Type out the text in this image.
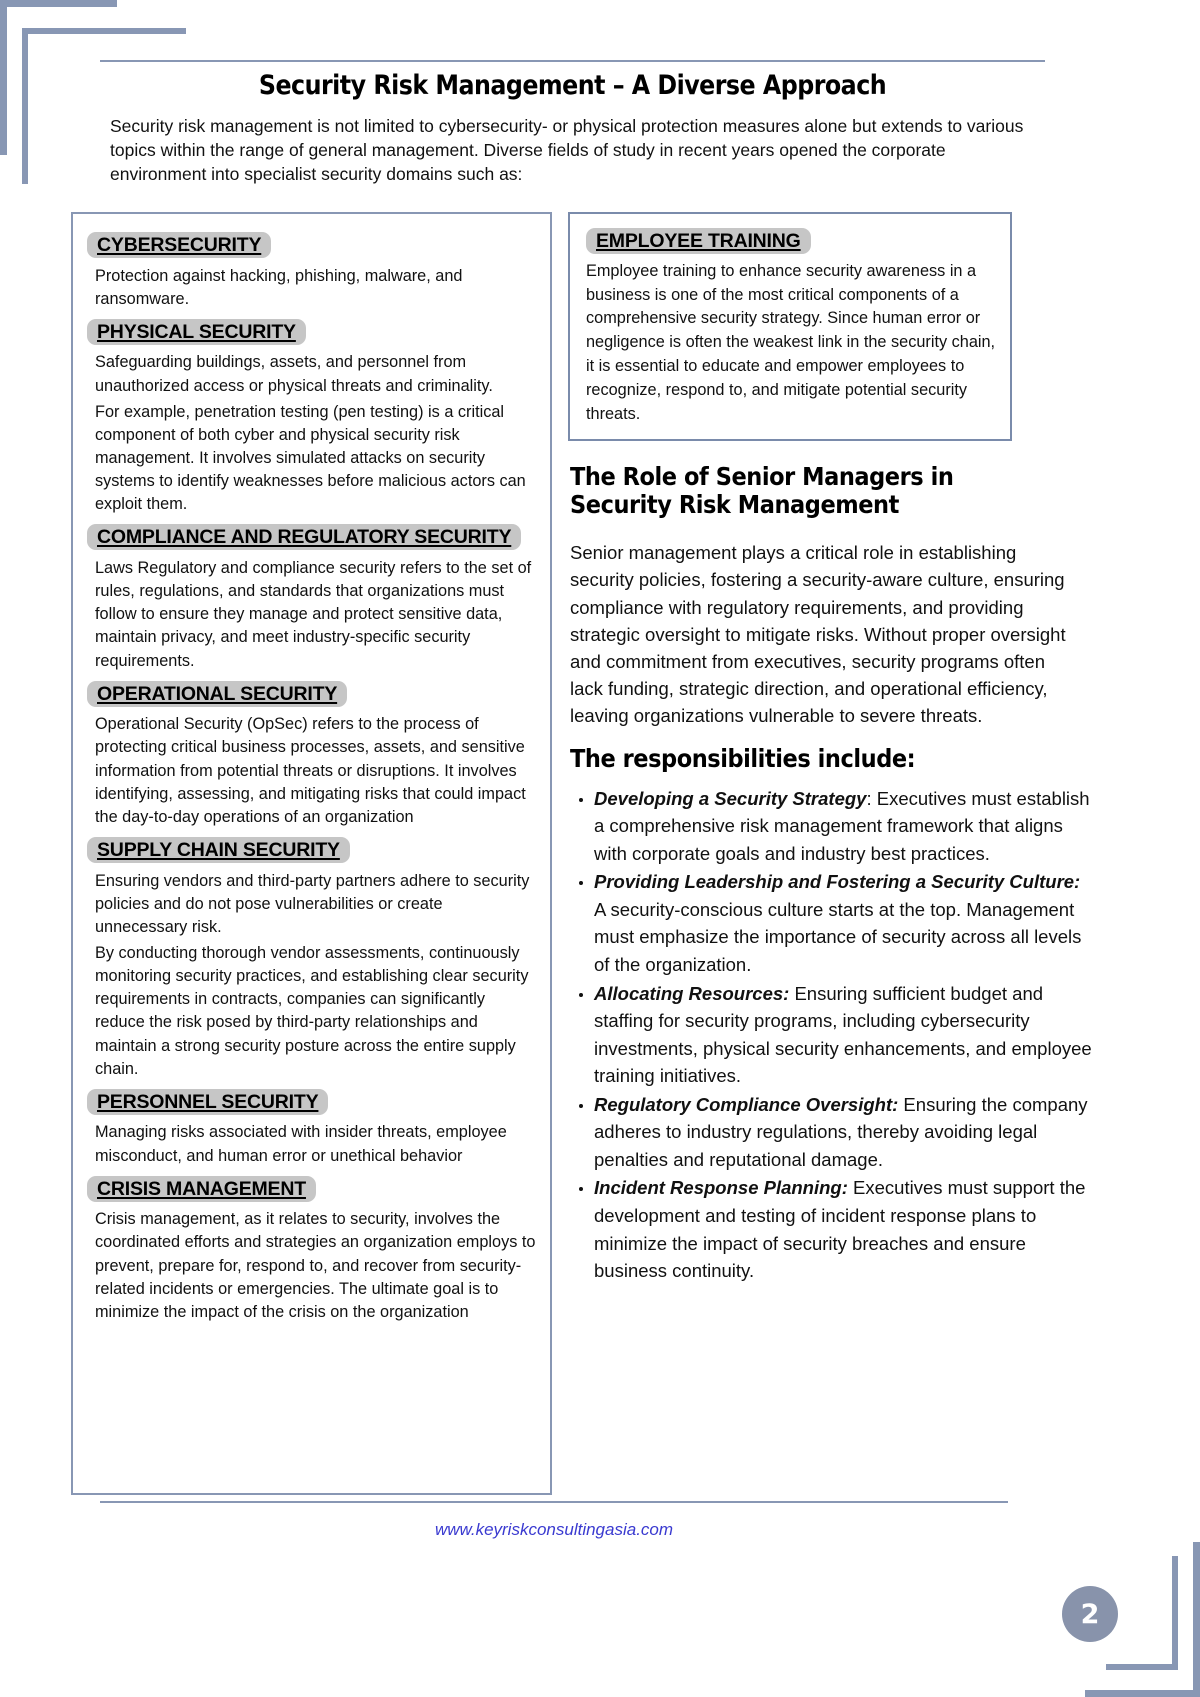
Security Risk Management – A Diverse Approach
Security risk management is not limited to cybersecurity- or physical protection measures alone but extends to various topics within the range of general management. Diverse fields of study in recent years opened the corporate environment into specialist security domains such as:
CYBERSECURITY
Protection against hacking, phishing, malware, and ransomware.
PHYSICAL SECURITY
Safeguarding buildings, assets, and personnel from unauthorized access or physical threats and criminality.
For example, penetration testing (pen testing) is a critical component of both cyber and physical security risk management. It involves simulated attacks on security systems to identify weaknesses before malicious actors can exploit them.
COMPLIANCE AND REGULATORY SECURITY
Laws Regulatory and compliance security refers to the set of rules, regulations, and standards that organizations must follow to ensure they manage and protect sensitive data, maintain privacy, and meet industry-specific security requirements.
OPERATIONAL SECURITY
Operational Security (OpSec) refers to the process of protecting critical business processes, assets, and sensitive information from potential threats or disruptions. It involves identifying, assessing, and mitigating risks that could impact the day-to-day operations of an organization
SUPPLY CHAIN SECURITY
Ensuring vendors and third-party partners adhere to security policies and do not pose vulnerabilities or create unnecessary risk.
By conducting thorough vendor assessments, continuously monitoring security practices, and establishing clear security requirements in contracts, companies can significantly reduce the risk posed by third-party relationships and maintain a strong security posture across the entire supply chain.
PERSONNEL SECURITY
Managing risks associated with insider threats, employee misconduct, and human error or unethical behavior
CRISIS MANAGEMENT
Crisis management, as it relates to security, involves the coordinated efforts and strategies an organization employs to prevent, prepare for, respond to, and recover from security-related incidents or emergencies. The ultimate goal is to minimize the impact of the crisis on the organization
EMPLOYEE TRAINING
Employee training to enhance security awareness in a business is one of the most critical components of a comprehensive security strategy. Since human error or negligence is often the weakest link in the security chain, it is essential to educate and empower employees to recognize, respond to, and mitigate potential security threats.
The Role of Senior Managers in Security Risk Management
Senior management plays a critical role in establishing security policies, fostering a security-aware culture, ensuring compliance with regulatory requirements, and providing strategic oversight to mitigate risks. Without proper oversight and commitment from executives, security programs often lack funding, strategic direction, and operational efficiency, leaving organizations vulnerable to severe threats.
The responsibilities include:
Developing a Security Strategy: Executives must establish a comprehensive risk management framework that aligns with corporate goals and industry best practices.
Providing Leadership and Fostering a Security Culture: A security-conscious culture starts at the top. Management must emphasize the importance of security across all levels of the organization.
Allocating Resources: Ensuring sufficient budget and staffing for security programs, including cybersecurity investments, physical security enhancements, and employee training initiatives.
Regulatory Compliance Oversight: Ensuring the company adheres to industry regulations, thereby avoiding legal penalties and reputational damage.
Incident Response Planning: Executives must support the development and testing of incident response plans to minimize the impact of security breaches and ensure business continuity.
www.keyriskconsultingasia.com
2
